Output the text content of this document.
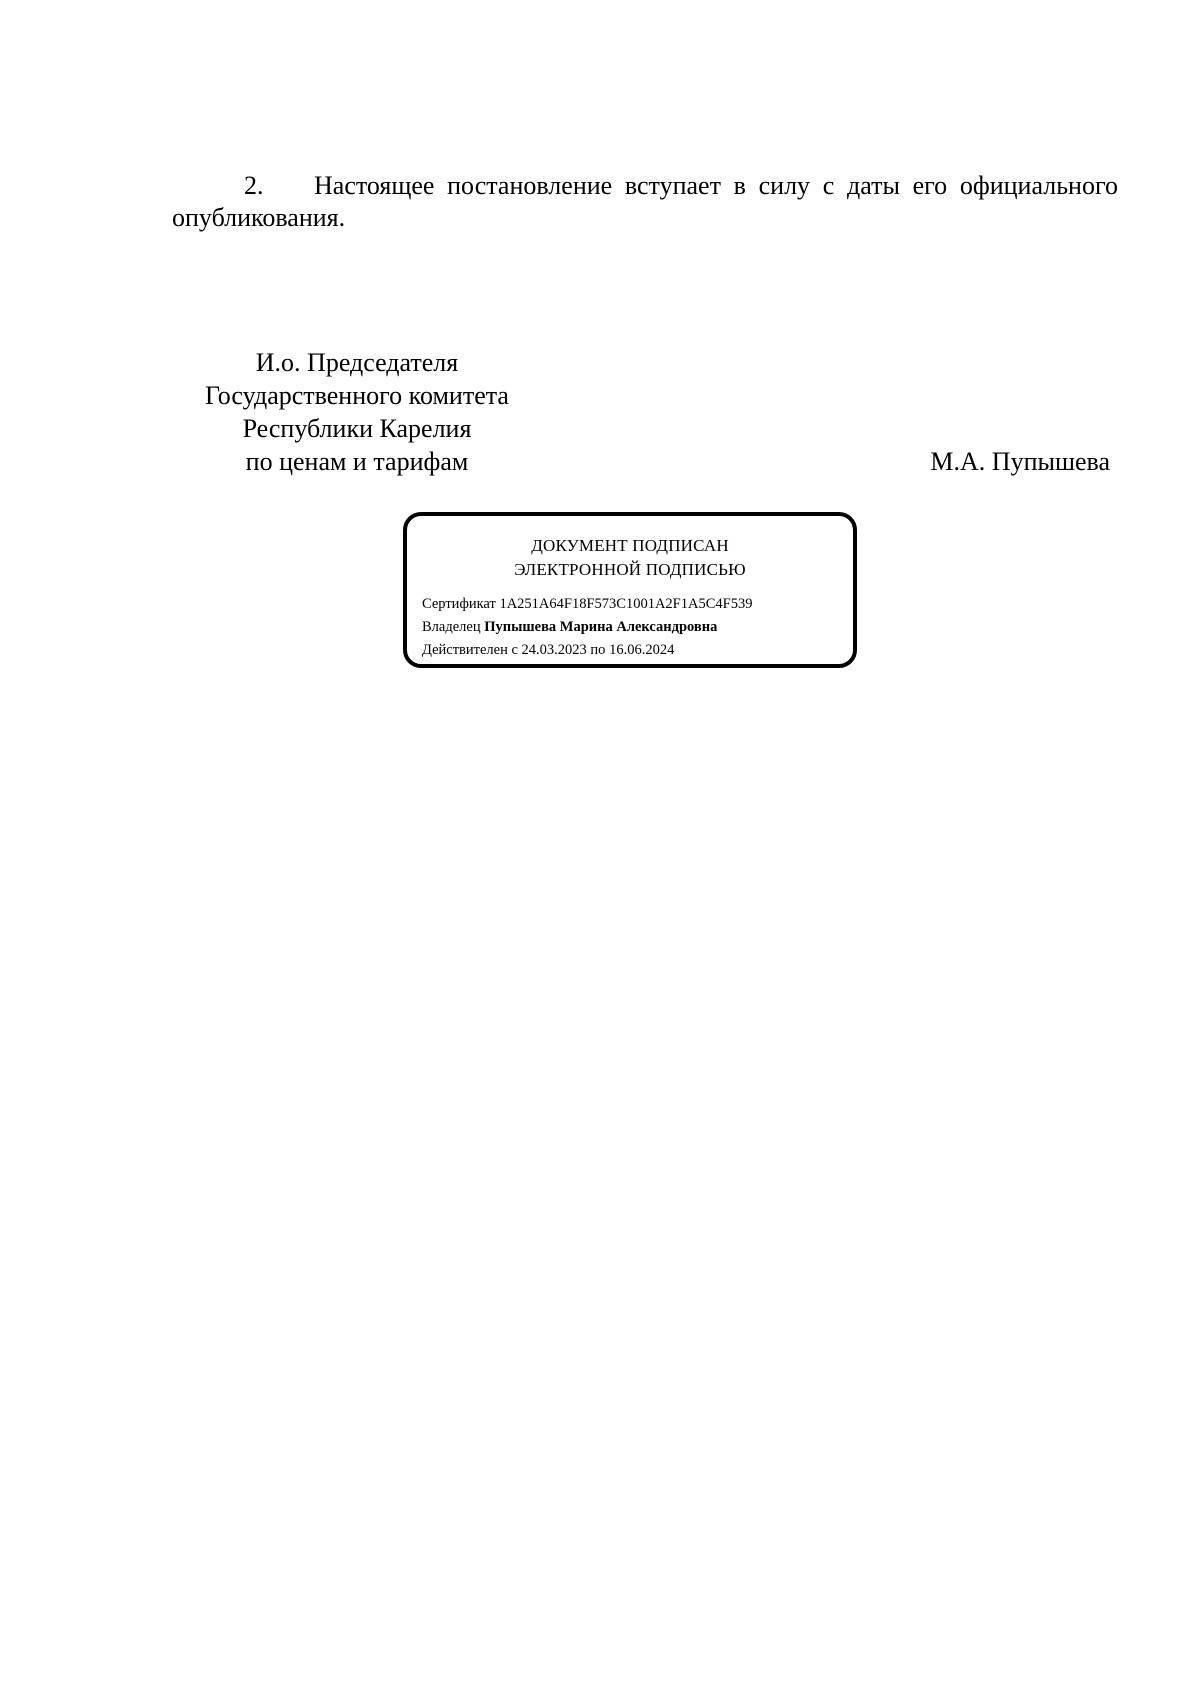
2. Настоящее постановление вступает в силу с даты его официального опубликования.
И.о. Председателя
Государственного комитета
Республики Карелия
по ценам и тарифам	М.А. Пупышева
ДОКУМЕНТ ПОДПИСАН
ЭЛЕКТРОННОЙ ПОДПИСЬЮ
Сертификат 1A251A64F18F573C1001A2F1A5C4F539
Владелец Пупышева Марина Александровна
Действителен с 24.03.2023 по 16.06.2024
